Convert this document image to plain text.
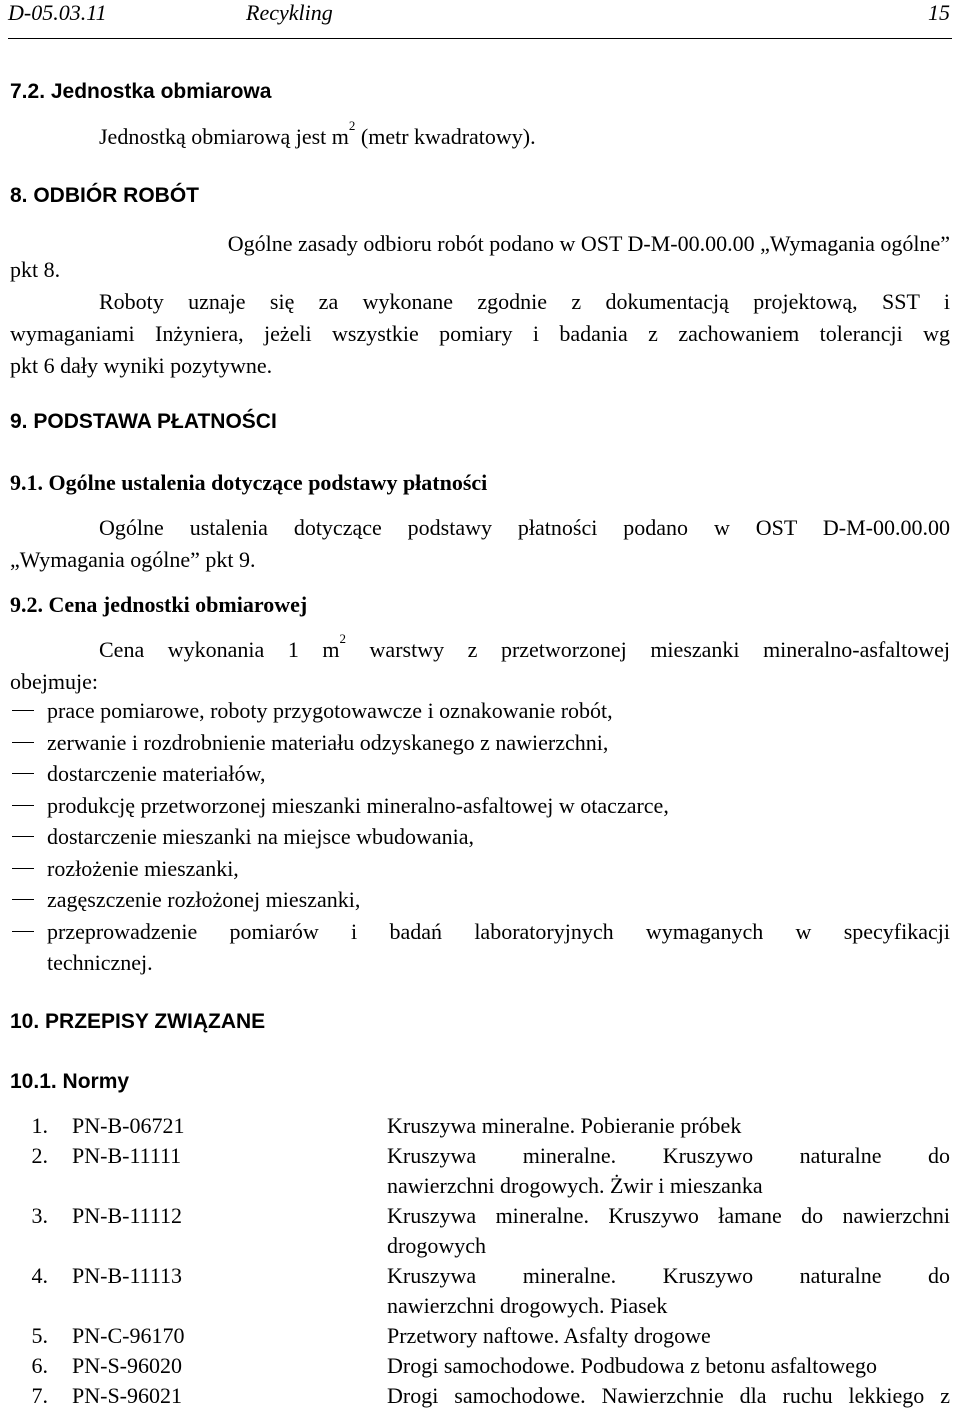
D-05.03.11	Recykling	15
7.2. Jednostka obmiarowa
Jednostką obmiarową jest $m^2$ (metr kwadratowy).
8. ODBIÓR ROBÓT
Ogólne zasady odbioru robót podano w OST D-M-00.00.00 „Wymagania ogólne”
pkt 8.
Roboty uznaje się za wykonane zgodnie z dokumentacją projektową, SST i
wymaganiami Inżyniera, jeżeli wszystkie pomiary i badania z zachowaniem tolerancji wg
pkt 6 dały wyniki pozytywne.
9. PODSTAWA PŁATNOŚCI
9.1. Ogólne ustalenia dotyczące podstawy płatności
Ogólne ustalenia dotyczące podstawy płatności podano w OST D-M-00.00.00
„Wymagania ogólne” pkt 9.
9.2. Cena jednostki obmiarowej
Cena wykonania 1 $m^2$ warstwy z przetworzonej mieszanki mineralno-asfaltowej
obejmuje:
prace pomiarowe, roboty przygotowawcze i oznakowanie robót,
zerwanie i rozdrobnienie materiału odzyskanego z nawierzchni,
dostarczenie materiałów,
produkcję przetworzonej mieszanki mineralno-asfaltowej w otaczarce,
dostarczenie mieszanki na miejsce wbudowania,
rozłożenie mieszanki,
zagęszczenie rozłożonej mieszanki,
przeprowadzenie pomiarów i badań laboratoryjnych wymaganych w specyfikacji
technicznej.
10. PRZEPISY ZWIĄZANE
10.1. Normy
1.	PN-B-06721	Kruszywa mineralne. Pobieranie próbek
2.	PN-B-11111	Kruszywa mineralne. Kruszywo naturalne do
nawierzchni drogowych. Żwir i mieszanka
3.	PN-B-11112	Kruszywa mineralne. Kruszywo łamane do nawierzchni
drogowych
4.	PN-B-11113	Kruszywa mineralne. Kruszywo naturalne do
nawierzchni drogowych. Piasek
5.	PN-C-96170	Przetwory naftowe. Asfalty drogowe
6.	PN-S-96020	Drogi samochodowe. Podbudowa z betonu asfaltowego
7.	PN-S-96021	Drogi samochodowe. Nawierzchnie dla ruchu lekkiego z
